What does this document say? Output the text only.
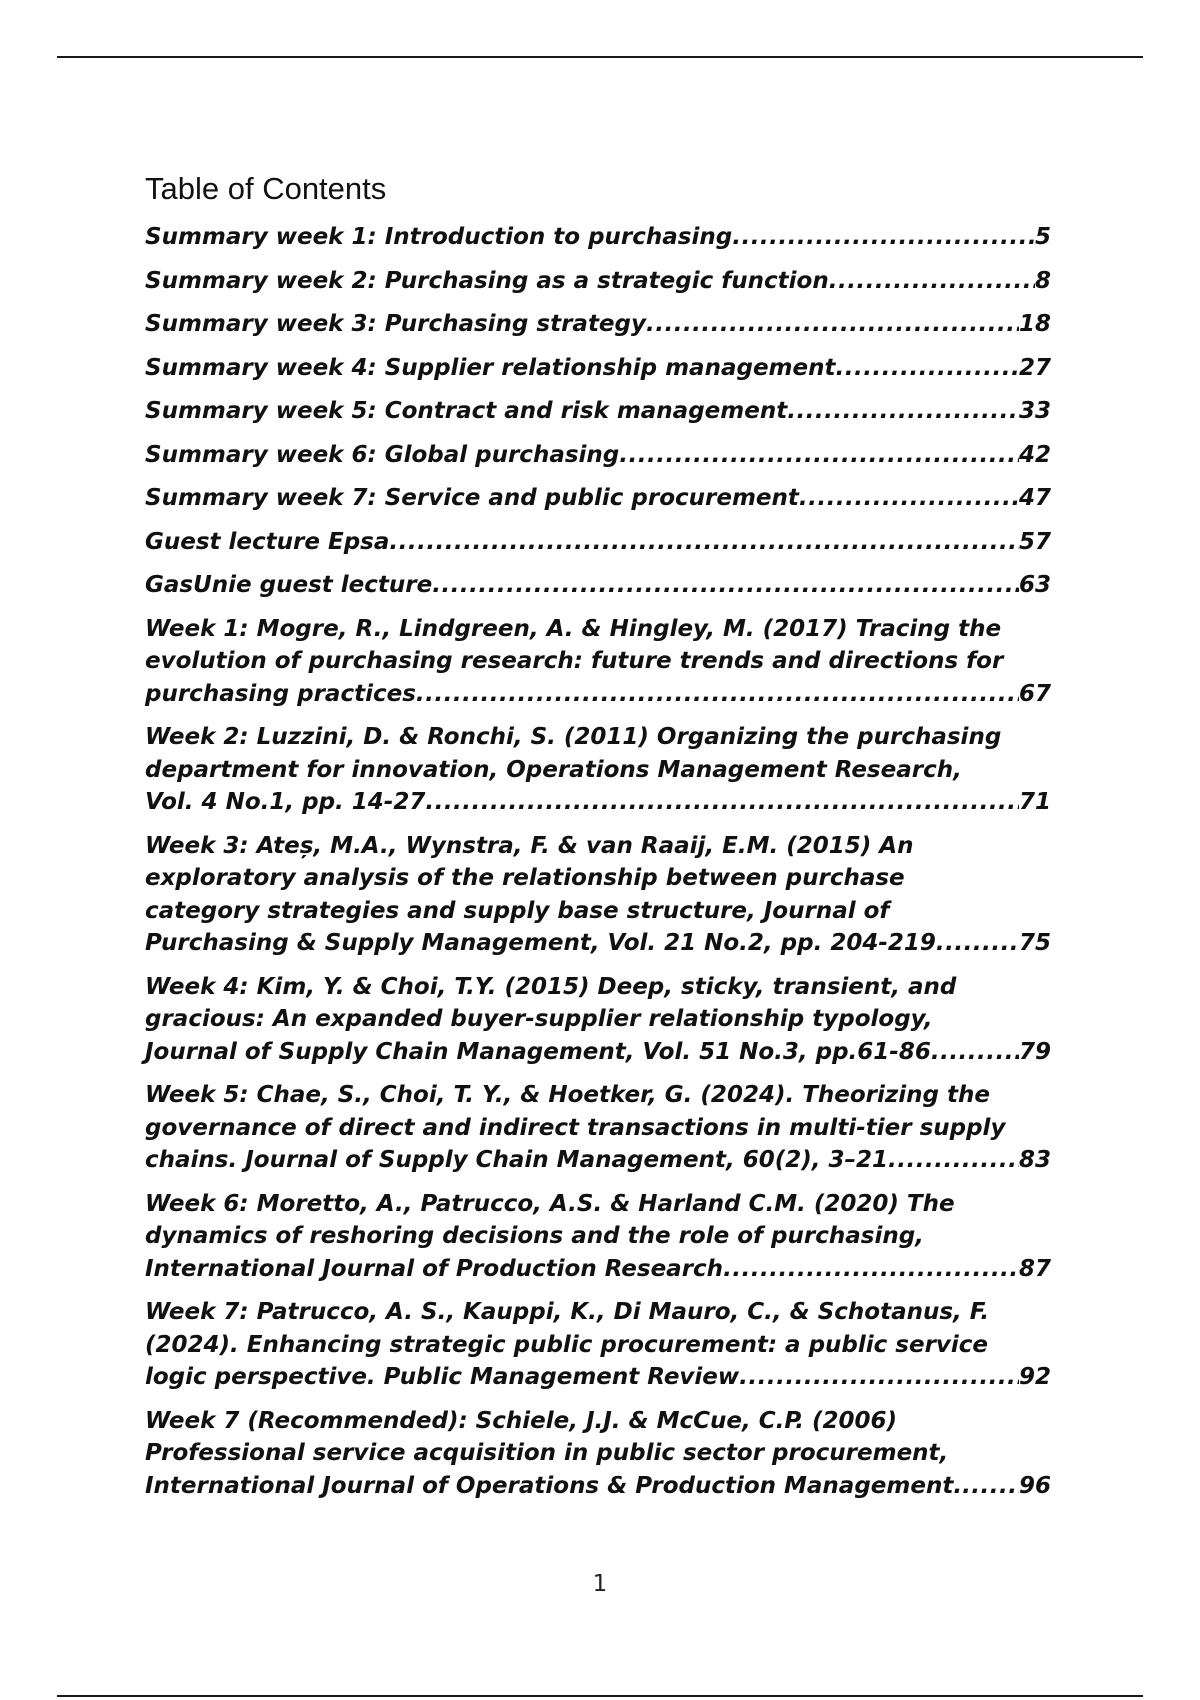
Table of Contents
Summary week 1: Introduction to purchasing .....	5
Summary week 2: Purchasing as a strategic function .....	8
Summary week 3: Purchasing strategy .....	18
Summary week 4: Supplier relationship management .....	27
Summary week 5: Contract and risk management .....	33
Summary week 6: Global purchasing .....	42
Summary week 7: Service and public procurement .....	47
Guest lecture Epsa .....	57
GasUnie guest lecture .....	63
Week 1: Mogre, R., Lindgreen, A. & Hingley, M. (2017) Tracing the
evolution of purchasing research: future trends and directions for
purchasing practices .....	67
Week 2: Luzzini, D. & Ronchi, S. (2011) Organizing the purchasing
department for innovation, Operations Management Research,
Vol. 4 No.1, pp. 14-27 .....	71
Week 3: Ateș, M.A., Wynstra, F. & van Raaij, E.M. (2015) An
exploratory analysis of the relationship between purchase
category strategies and supply base structure, Journal of
Purchasing & Supply Management, Vol. 21 No.2, pp. 204-219 .....	75
Week 4: Kim, Y. & Choi, T.Y. (2015) Deep, sticky, transient, and
gracious: An expanded buyer-supplier relationship typology,
Journal of Supply Chain Management, Vol. 51 No.3, pp.61-86 .....	79
Week 5: Chae, S., Choi, T. Y., & Hoetker, G. (2024). Theorizing the
governance of direct and indirect transactions in multi-tier supply
chains. Journal of Supply Chain Management, 60(2), 3–21 .....	83
Week 6: Moretto, A., Patrucco, A.S. & Harland C.M. (2020) The
dynamics of reshoring decisions and the role of purchasing,
International Journal of Production Research .....	87
Week 7: Patrucco, A. S., Kauppi, K., Di Mauro, C., & Schotanus, F.
(2024). Enhancing strategic public procurement: a public service
logic perspective. Public Management Review .....	92
Week 7 (Recommended): Schiele, J.J. & McCue, C.P. (2006)
Professional service acquisition in public sector procurement,
International Journal of Operations & Production Management. ..... 96
1
